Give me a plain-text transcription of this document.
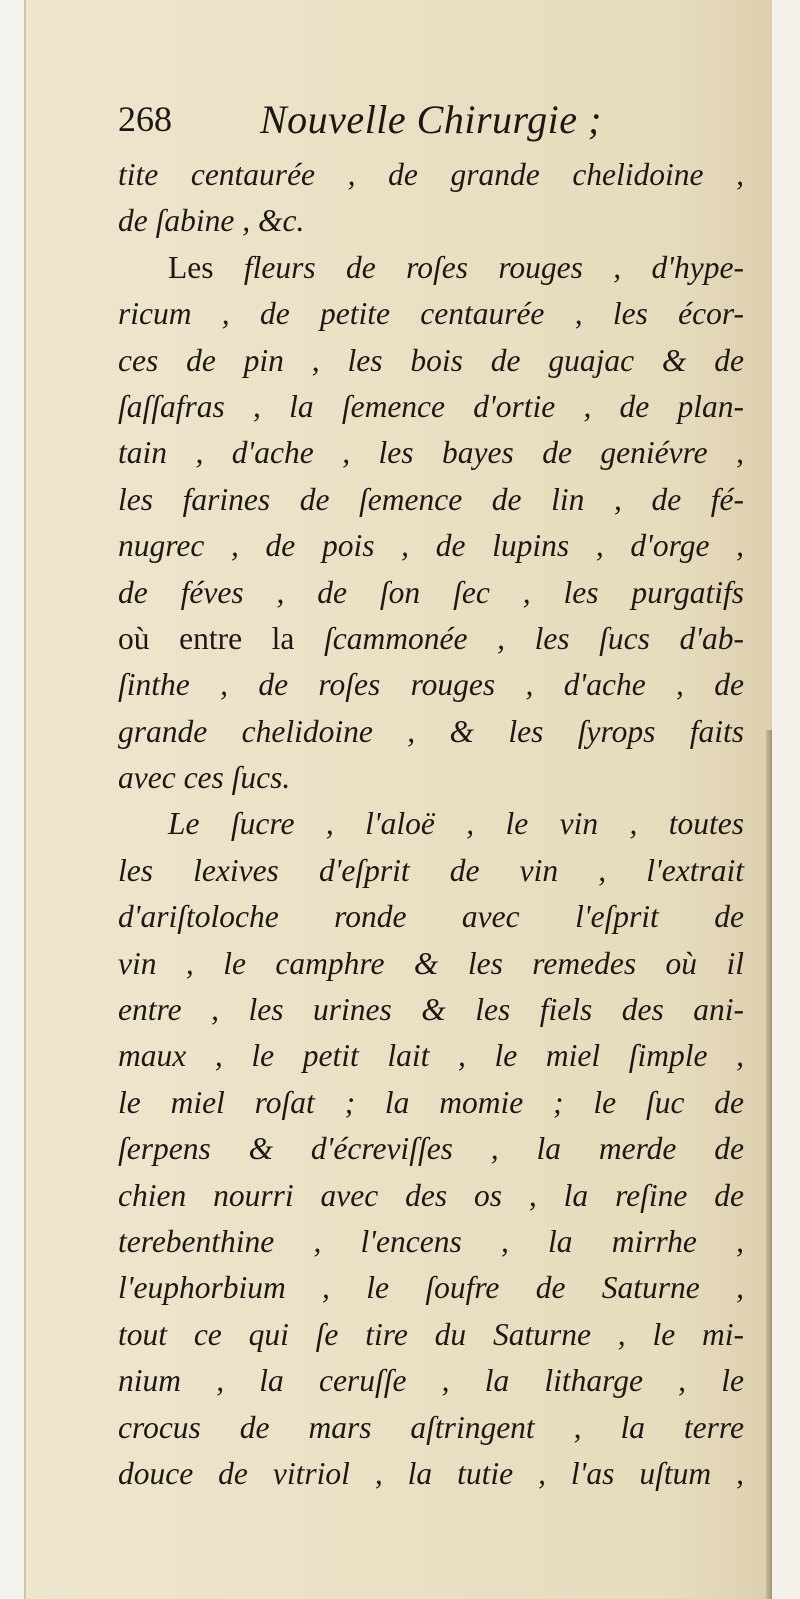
268 Nouvelle Chirurgie ;
tite centaurée , de grande chelidoine ,
de ſabine , &c.
Les fleurs de roſes rouges , d'hype-
ricum , de petite centaurée , les écor-
ces de pin , les bois de guajac & de
ſaſſafras , la ſemence d'ortie , de plan-
tain , d'ache , les bayes de geniévre ,
les farines de ſemence de lin , de fé-
nugrec , de pois , de lupins , d'orge ,
de féves , de ſon ſec , les purgatifs
où entre la ſcammonée , les ſucs d'ab-
ſinthe , de roſes rouges , d'ache , de
grande chelidoine , & les ſyrops faits
avec ces ſucs.
Le ſucre , l'aloë , le vin , toutes
les lexives d'eſprit de vin , l'extrait
d'ariſtoloche ronde avec l'eſprit de
vin , le camphre & les remedes où il
entre , les urines & les fiels des ani-
maux , le petit lait , le miel ſimple ,
le miel roſat ; la momie ; le ſuc de
ſerpens & d'écreviſſes , la merde de
chien nourri avec des os , la reſine de
terebenthine , l'encens , la mirrhe ,
l'euphorbium , le ſoufre de Saturne ,
tout ce qui ſe tire du Saturne , le mi-
nium , la ceruſſe , la litharge , le
crocus de mars aſtringent , la terre
douce de vitriol , la tutie , l'as uſtum ,
